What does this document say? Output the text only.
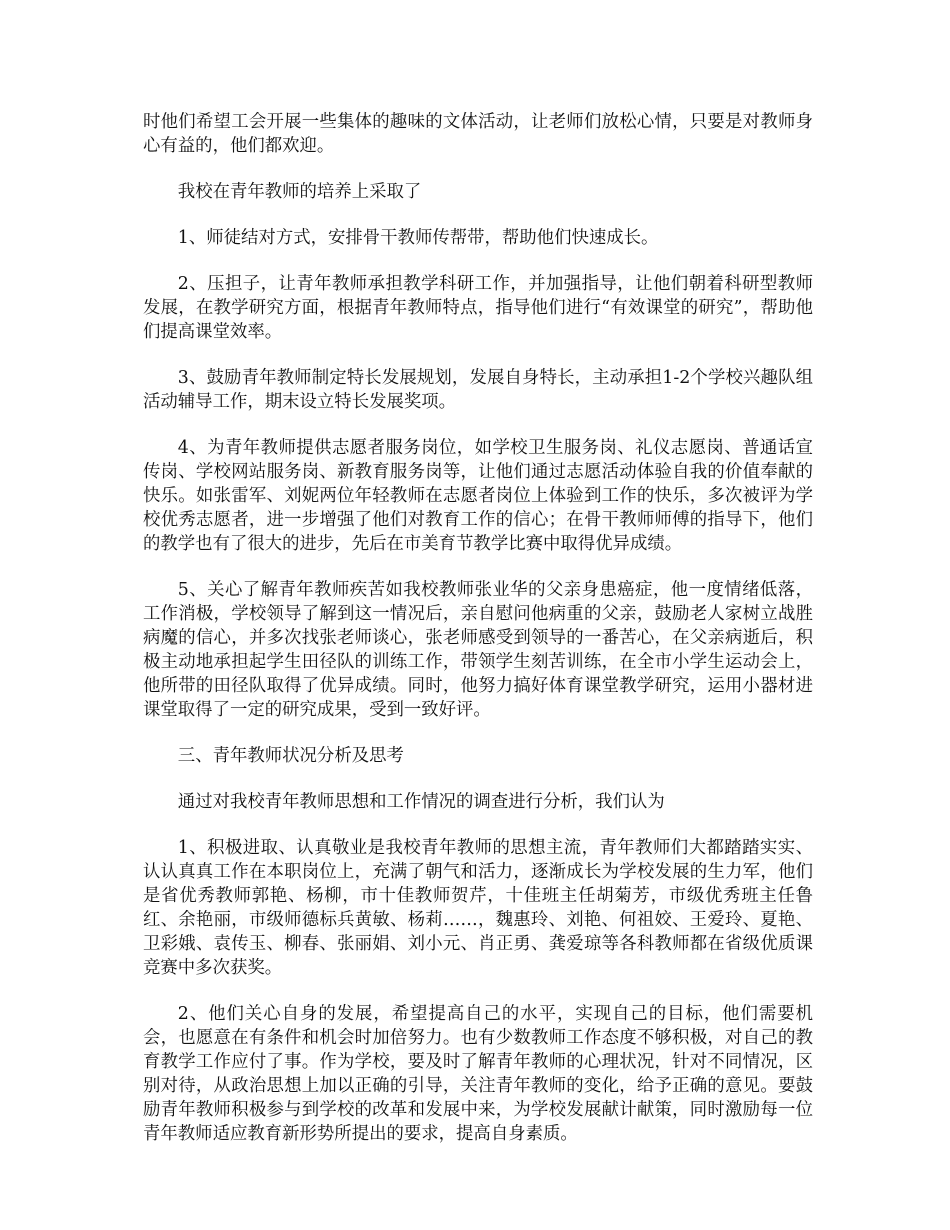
时他们希望工会开展一些集体的趣味的文体活动，让老师们放松心情，只要是对教师身心有益的，他们都欢迎。

我校在青年教师的培养上采取了

1、师徒结对方式，安排骨干教师传帮带，帮助他们快速成长。

2、压担子，让青年教师承担教学科研工作，并加强指导，让他们朝着科研型教师发展，在教学研究方面，根据青年教师特点，指导他们进行“有效课堂的研究”，帮助他们提高课堂效率。

3、鼓励青年教师制定特长发展规划，发展自身特长，主动承担1-2个学校兴趣队组活动辅导工作，期末设立特长发展奖项。

4、为青年教师提供志愿者服务岗位，如学校卫生服务岗、礼仪志愿岗、普通话宣传岗、学校网站服务岗、新教育服务岗等，让他们通过志愿活动体验自我的价值奉献的快乐。如张雷军、刘妮两位年轻教师在志愿者岗位上体验到工作的快乐，多次被评为学校优秀志愿者，进一步增强了他们对教育工作的信心；在骨干教师师傅的指导下，他们的教学也有了很大的进步，先后在市美育节教学比赛中取得优异成绩。

5、关心了解青年教师疾苦如我校教师张业华的父亲身患癌症，他一度情绪低落，工作消极，学校领导了解到这一情况后，亲自慰问他病重的父亲，鼓励老人家树立战胜病魔的信心，并多次找张老师谈心，张老师感受到领导的一番苦心，在父亲病逝后，积极主动地承担起学生田径队的训练工作，带领学生刻苦训练，在全市小学生运动会上，他所带的田径队取得了优异成绩。同时，他努力搞好体育课堂教学研究，运用小器材进课堂取得了一定的研究成果，受到一致好评。

三、青年教师状况分析及思考

通过对我校青年教师思想和工作情况的调查进行分析，我们认为

1、积极进取、认真敬业是我校青年教师的思想主流，青年教师们大都踏踏实实、认认真真工作在本职岗位上，充满了朝气和活力，逐渐成长为学校发展的生力军，他们是省优秀教师郭艳、杨柳，市十佳教师贺芹，十佳班主任胡菊芳，市级优秀班主任鲁红、余艳丽，市级师德标兵黄敏、杨莉……，魏惠玲、刘艳、何祖姣、王爱玲、夏艳、卫彩娥、袁传玉、柳春、张丽娟、刘小元、肖正勇、龚爱琼等各科教师都在省级优质课竞赛中多次获奖。

2、他们关心自身的发展，希望提高自己的水平，实现自己的目标，他们需要机会，也愿意在有条件和机会时加倍努力。也有少数教师工作态度不够积极，对自己的教育教学工作应付了事。作为学校，要及时了解青年教师的心理状况，针对不同情况，区别对待，从政治思想上加以正确的引导，关注青年教师的变化，给予正确的意见。要鼓励青年教师积极参与到学校的改革和发展中来，为学校发展献计献策，同时激励每一位青年教师适应教育新形势所提出的要求，提高自身素质。
